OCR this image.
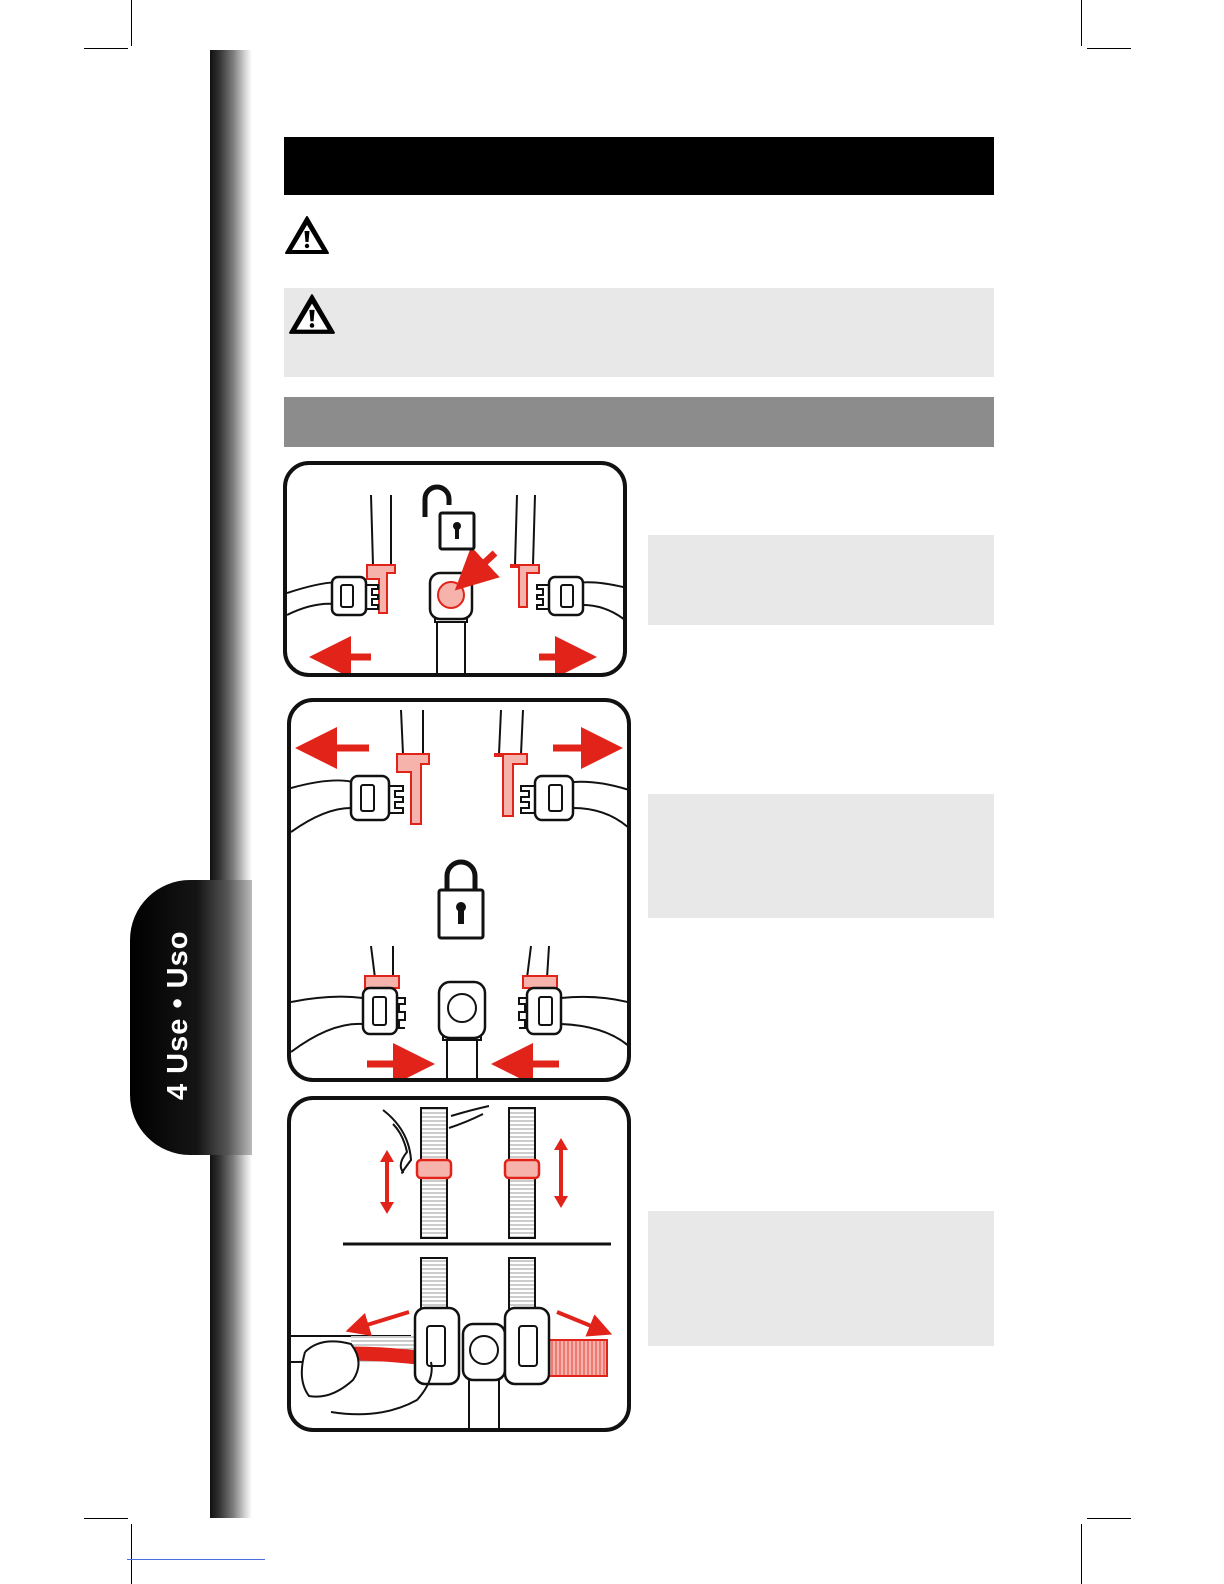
4 Use • Uso
